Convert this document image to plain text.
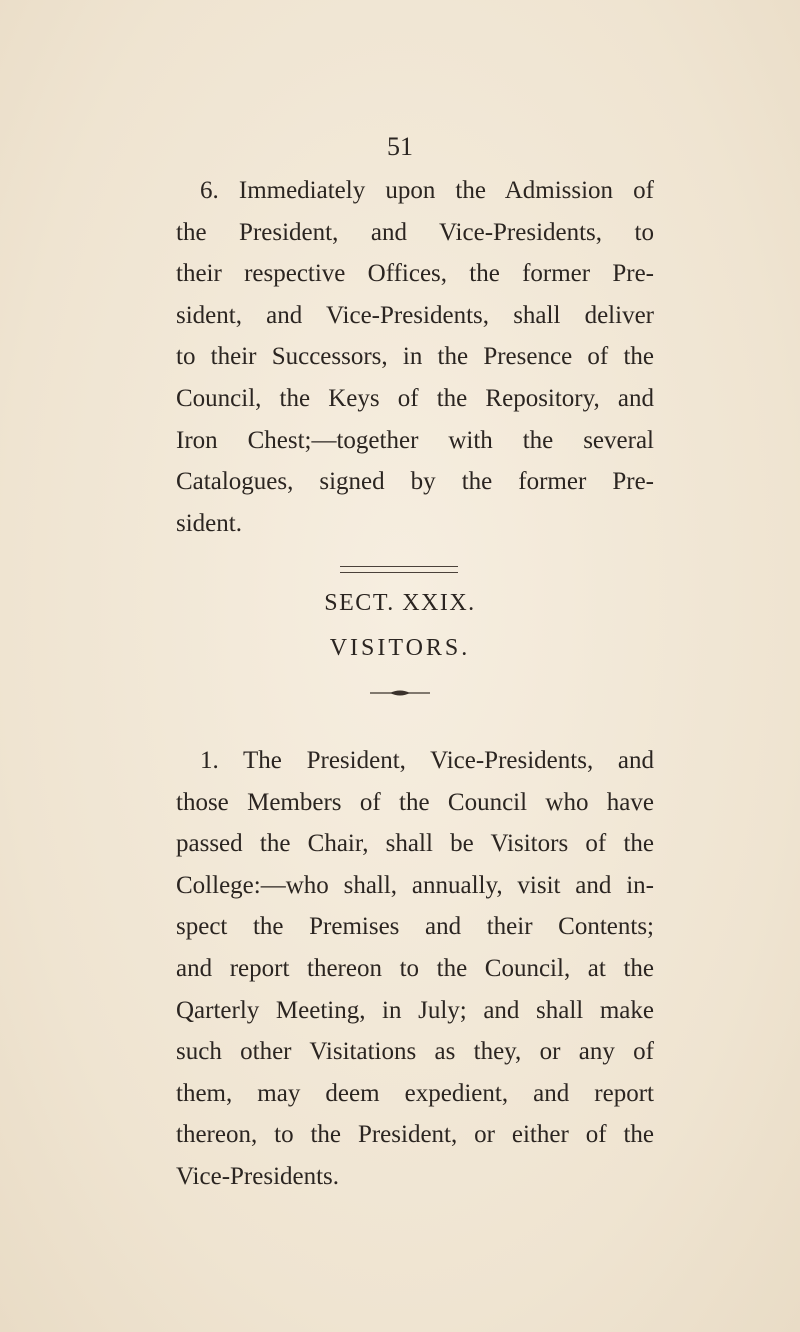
51
6. Immediately upon the Admission of
the President, and Vice-Presidents, to
their respective Offices, the former Pre-
sident, and Vice-Presidents, shall deliver
to their Successors, in the Presence of the
Council, the Keys of the Repository, and
Iron Chest;—together with the several
Catalogues, signed by the former Pre-
sident.
SECT. XXIX.
VISITORS.
1. The President, Vice-Presidents, and
those Members of the Council who have
passed the Chair, shall be Visitors of the
College:—who shall, annually, visit and in-
spect the Premises and their Contents;
and report thereon to the Council, at the
Qarterly Meeting, in July; and shall make
such other Visitations as they, or any of
them, may deem expedient, and report
thereon, to the President, or either of the
Vice-Presidents.
